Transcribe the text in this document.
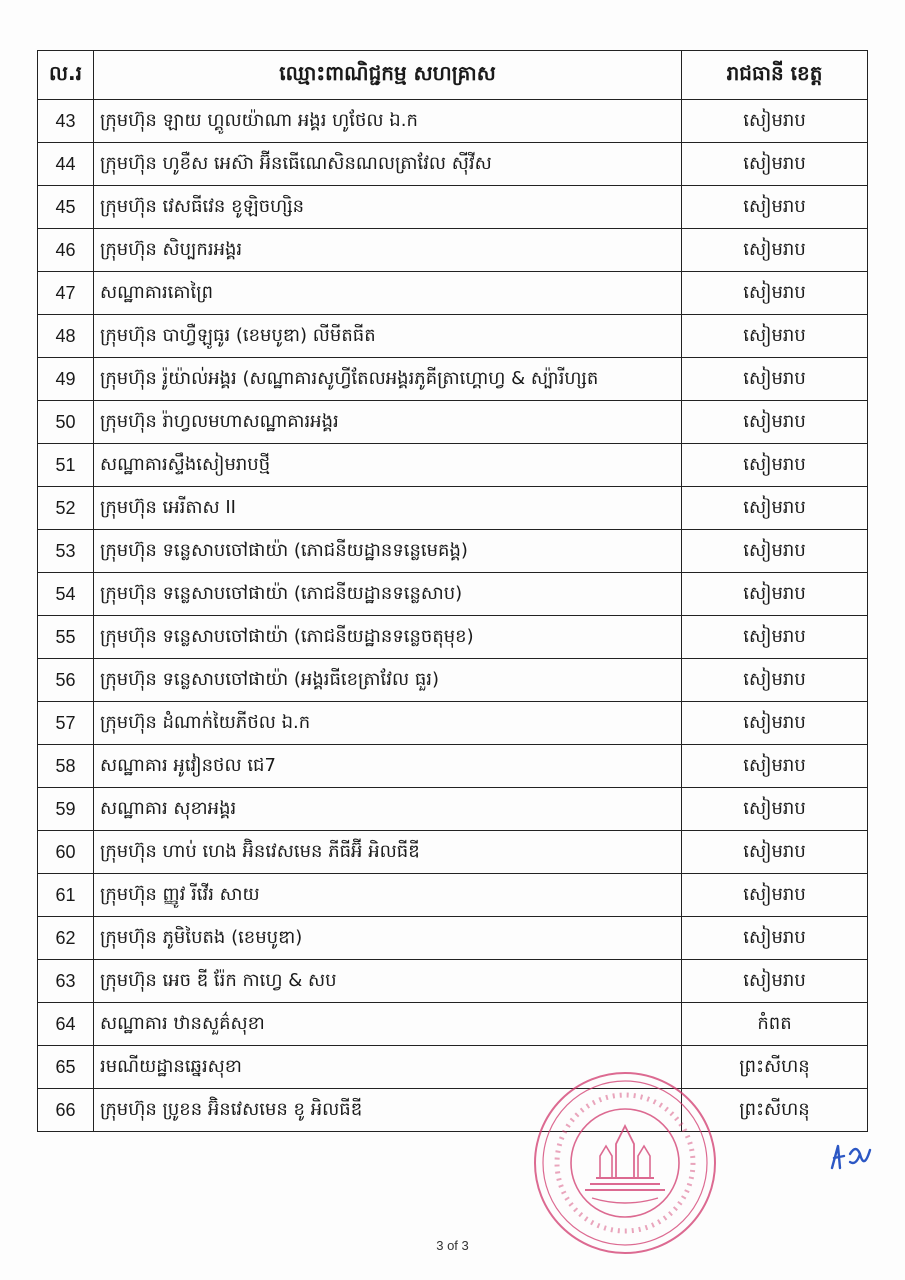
ល.រ	ឈ្មោះពាណិជ្ជកម្ម សហគ្រាស	រាជធានី ខេត្ត
43	ក្រុមហ៊ុន ឡាយ ហ្គូលយ៉ាណា អង្គរ ហូថែល ឯ.ក	សៀមរាប
44	ក្រុមហ៊ុន ហូខឺស អេស៊ា អ៊ីនធើណេសិនណលត្រាវែល ស៊ីវីស	សៀមរាប
45	ក្រុមហ៊ុន វេសធីវេន ខូឡិចហ្សិន	សៀមរាប
46	ក្រុមហ៊ុន សិប្បករអង្គរ	សៀមរាប
47	សណ្ឋាគារគោព្រៃ	សៀមរាប
48	ក្រុមហ៊ុន បាហ្វឺឡូធូរ (ខេមបូឌា) លីមីតធីត	សៀមរាប
49	ក្រុមហ៊ុន រ៉ូយ៉ាល់អង្គរ (សណ្ឋាគារសូហ្វីតែលអង្គរភូគីត្រាហ្គោហ្វ & ស្ប៉ារីហ្សត	សៀមរាប
50	ក្រុមហ៊ុន រ៉ាហ្វលមហាសណ្ឋាគារអង្គរ	សៀមរាប
51	សណ្ឋាគារស្ទឹងសៀមរាបថ្មី	សៀមរាប
52	ក្រុមហ៊ុន អេរីតាស II	សៀមរាប
53	ក្រុមហ៊ុន ទន្លេសាបចៅផាយ៉ា (ភោជនីយដ្ឋានទន្លេមេគង្គ)	សៀមរាប
54	ក្រុមហ៊ុន ទន្លេសាបចៅផាយ៉ា (ភោជនីយដ្ឋានទន្លេសាប)	សៀមរាប
55	ក្រុមហ៊ុន ទន្លេសាបចៅផាយ៉ា (ភោជនីយដ្ឋានទន្លេចតុមុខ)	សៀមរាប
56	ក្រុមហ៊ុន ទន្លេសាបចៅផាយ៉ា (អង្គរធីខេត្រាវែល ធួរ)	សៀមរាប
57	ក្រុមហ៊ុន ដំណាក់យៃភីថល ឯ.ក	សៀមរាប
58	សណ្ឋាគារ អូវៀនថល ជេ7	សៀមរាប
59	សណ្ឋាគារ សុខាអង្គរ	សៀមរាប
60	ក្រុមហ៊ុន ហាប់ ហេង អ៊ិនវេសមេន ភីធីអ៊ី អិលធីឌី	សៀមរាប
61	ក្រុមហ៊ុន ញ្ញូវ រីវើរ សាយ	សៀមរាប
62	ក្រុមហ៊ុន ភូមិបៃតង (ខេមបូឌា)	សៀមរាប
63	ក្រុមហ៊ុន អេច ឌី រ៉ែក កាហ្វេ & សប	សៀមរាប
64	សណ្ឋាគារ ឋានសួគ៌សុខា	កំពត
65	រមណីយដ្ឋានឆ្នេរសុខា	ព្រះសីហនុ
66	ក្រុមហ៊ុន ប្រូខន អ៊ិនវេសមេន ខូ អិលធីឌី	ព្រះសីហនុ
3 of 3
